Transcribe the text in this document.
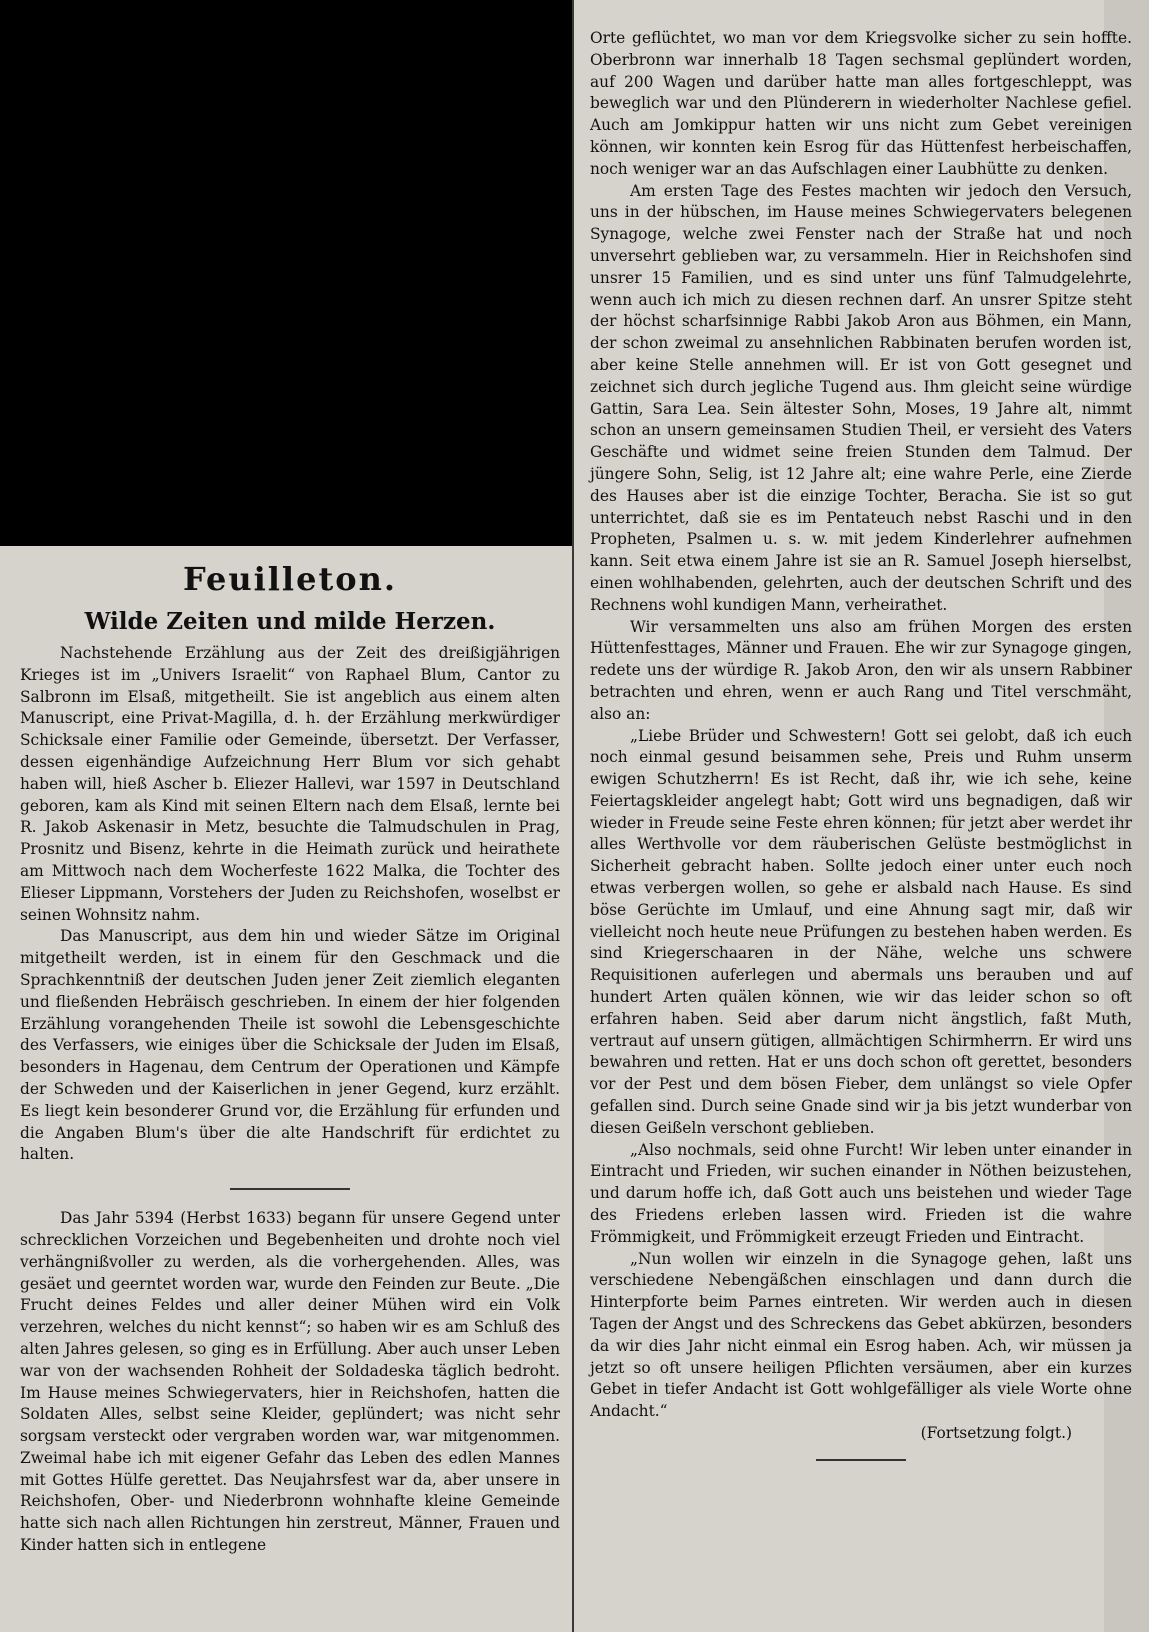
Feuilleton.
Wilde Zeiten und milde Herzen.

Nachstehende Erzählung aus der Zeit des dreißigjährigen Krieges ist im „Univers Israelit“ von Raphael Blum, Cantor zu Salbronn im Elsaß, mitgetheilt. Sie ist angeblich aus einem alten Manuscript, eine Privat-Magilla, d. h. der Erzählung merkwürdiger Schicksale einer Familie oder Gemeinde, übersetzt. Der Verfasser, dessen eigenhändige Aufzeichnung Herr Blum vor sich gehabt haben will, hieß Ascher b. Eliezer Hallevi, war 1597 in Deutschland geboren, kam als Kind mit seinen Eltern nach dem Elsaß, lernte bei R. Jakob Askenasir in Metz, besuchte die Talmudschulen in Prag, Prosnitz und Bisenz, kehrte in die Heimath zurück und heirathete am Mittwoch nach dem Wocherfeste 1622 Malka, die Tochter des Elieser Lippmann, Vorstehers der Juden zu Reichshofen, woselbst er seinen Wohnsitz nahm.

Das Manuscript, aus dem hin und wieder Sätze im Original mitgetheilt werden, ist in einem für den Geschmack und die Sprachkenntniß der deutschen Juden jener Zeit ziemlich eleganten und fließenden Hebräisch geschrieben. In einem der hier folgenden Erzählung vorangehenden Theile ist sowohl die Lebensgeschichte des Verfassers, wie einiges über die Schicksale der Juden im Elsaß, besonders in Hagenau, dem Centrum der Operationen und Kämpfe der Schweden und der Kaiserlichen in jener Gegend, kurz erzählt. Es liegt kein besonderer Grund vor, die Erzählung für erfunden und die Angaben Blum's über die alte Handschrift für erdichtet zu halten.

Das Jahr 5394 (Herbst 1633) begann für unsere Gegend unter schrecklichen Vorzeichen und Begebenheiten und drohte noch viel verhängnißvoller zu werden, als die vorhergehenden. Alles, was gesäet und geerntet worden war, wurde den Feinden zur Beute. „Die Frucht deines Feldes und aller deiner Mühen wird ein Volk verzehren, welches du nicht kennst“; so haben wir es am Schluß des alten Jahres gelesen, so ging es in Erfüllung. Aber auch unser Leben war von der wachsenden Rohheit der Soldadeska täglich bedroht. Im Hause meines Schwiegervaters, hier in Reichshofen, hatten die Soldaten Alles, selbst seine Kleider, geplündert; was nicht sehr sorgsam versteckt oder vergraben worden war, war mitgenommen. Zweimal habe ich mit eigener Gefahr das Leben des edlen Mannes mit Gottes Hülfe gerettet. Das Neujahrsfest war da, aber unsere in Reichshofen, Ober- und Niederbronn wohnhafte kleine Gemeinde hatte sich nach allen Richtungen hin zerstreut, Männer, Frauen und Kinder hatten sich in entlegene

Orte geflüchtet, wo man vor dem Kriegsvolke sicher zu sein hoffte. Oberbronn war innerhalb 18 Tagen sechsmal geplündert worden, auf 200 Wagen und darüber hatte man alles fortgeschleppt, was beweglich war und den Plünderern in wiederholter Nachlese gefiel. Auch am Jomkippur hatten wir uns nicht zum Gebet vereinigen können, wir konnten kein Esrog für das Hüttenfest herbeischaffen, noch weniger war an das Aufschlagen einer Laubhütte zu denken.

Am ersten Tage des Festes machten wir jedoch den Versuch, uns in der hübschen, im Hause meines Schwiegervaters belegenen Synagoge, welche zwei Fenster nach der Straße hat und noch unversehrt geblieben war, zu versammeln. Hier in Reichshofen sind unsrer 15 Familien, und es sind unter uns fünf Talmudgelehrte, wenn auch ich mich zu diesen rechnen darf. An unsrer Spitze steht der höchst scharfsinnige Rabbi Jakob Aron aus Böhmen, ein Mann, der schon zweimal zu ansehnlichen Rabbinaten berufen worden ist, aber keine Stelle annehmen will. Er ist von Gott gesegnet und zeichnet sich durch jegliche Tugend aus. Ihm gleicht seine würdige Gattin, Sara Lea. Sein ältester Sohn, Moses, 19 Jahre alt, nimmt schon an unsern gemeinsamen Studien Theil, er versieht des Vaters Geschäfte und widmet seine freien Stunden dem Talmud. Der jüngere Sohn, Selig, ist 12 Jahre alt; eine wahre Perle, eine Zierde des Hauses aber ist die einzige Tochter, Beracha. Sie ist so gut unterrichtet, daß sie es im Pentateuch nebst Raschi und in den Propheten, Psalmen u. s. w. mit jedem Kinderlehrer aufnehmen kann. Seit etwa einem Jahre ist sie an R. Samuel Joseph hierselbst, einen wohlhabenden, gelehrten, auch der deutschen Schrift und des Rechnens wohl kundigen Mann, verheirathet.

Wir versammelten uns also am frühen Morgen des ersten Hüttenfesttages, Männer und Frauen. Ehe wir zur Synagoge gingen, redete uns der würdige R. Jakob Aron, den wir als unsern Rabbiner betrachten und ehren, wenn er auch Rang und Titel verschmäht, also an:

„Liebe Brüder und Schwestern! Gott sei gelobt, daß ich euch noch einmal gesund beisammen sehe, Preis und Ruhm unserm ewigen Schutzherrn! Es ist Recht, daß ihr, wie ich sehe, keine Feiertagskleider angelegt habt; Gott wird uns begnadigen, daß wir wieder in Freude seine Feste ehren können; für jetzt aber werdet ihr alles Werthvolle vor dem räuberischen Gelüste bestmöglichst in Sicherheit gebracht haben. Sollte jedoch einer unter euch noch etwas verbergen wollen, so gehe er alsbald nach Hause. Es sind böse Gerüchte im Umlauf, und eine Ahnung sagt mir, daß wir vielleicht noch heute neue Prüfungen zu bestehen haben werden. Es sind Kriegerschaaren in der Nähe, welche uns schwere Requisitionen auferlegen und abermals uns berauben und auf hundert Arten quälen können, wie wir das leider schon so oft erfahren haben. Seid aber darum nicht ängstlich, faßt Muth, vertraut auf unsern gütigen, allmächtigen Schirmherrn. Er wird uns bewahren und retten. Hat er uns doch schon oft gerettet, besonders vor der Pest und dem bösen Fieber, dem unlängst so viele Opfer gefallen sind. Durch seine Gnade sind wir ja bis jetzt wunderbar von diesen Geißeln verschont geblieben.

„Also nochmals, seid ohne Furcht! Wir leben unter einander in Eintracht und Frieden, wir suchen einander in Nöthen beizustehen, und darum hoffe ich, daß Gott auch uns beistehen und wieder Tage des Friedens erleben lassen wird. Frieden ist die wahre Frömmigkeit, und Frömmigkeit erzeugt Frieden und Eintracht.

„Nun wollen wir einzeln in die Synagoge gehen, laßt uns verschiedene Nebengäßchen einschlagen und dann durch die Hinterpforte beim Parnes eintreten. Wir werden auch in diesen Tagen der Angst und des Schreckens das Gebet abkürzen, besonders da wir dies Jahr nicht einmal ein Esrog haben. Ach, wir müssen ja jetzt so oft unsere heiligen Pflichten versäumen, aber ein kurzes Gebet in tiefer Andacht ist Gott wohlgefälliger als viele Worte ohne Andacht.“

(Fortsetzung folgt.)
